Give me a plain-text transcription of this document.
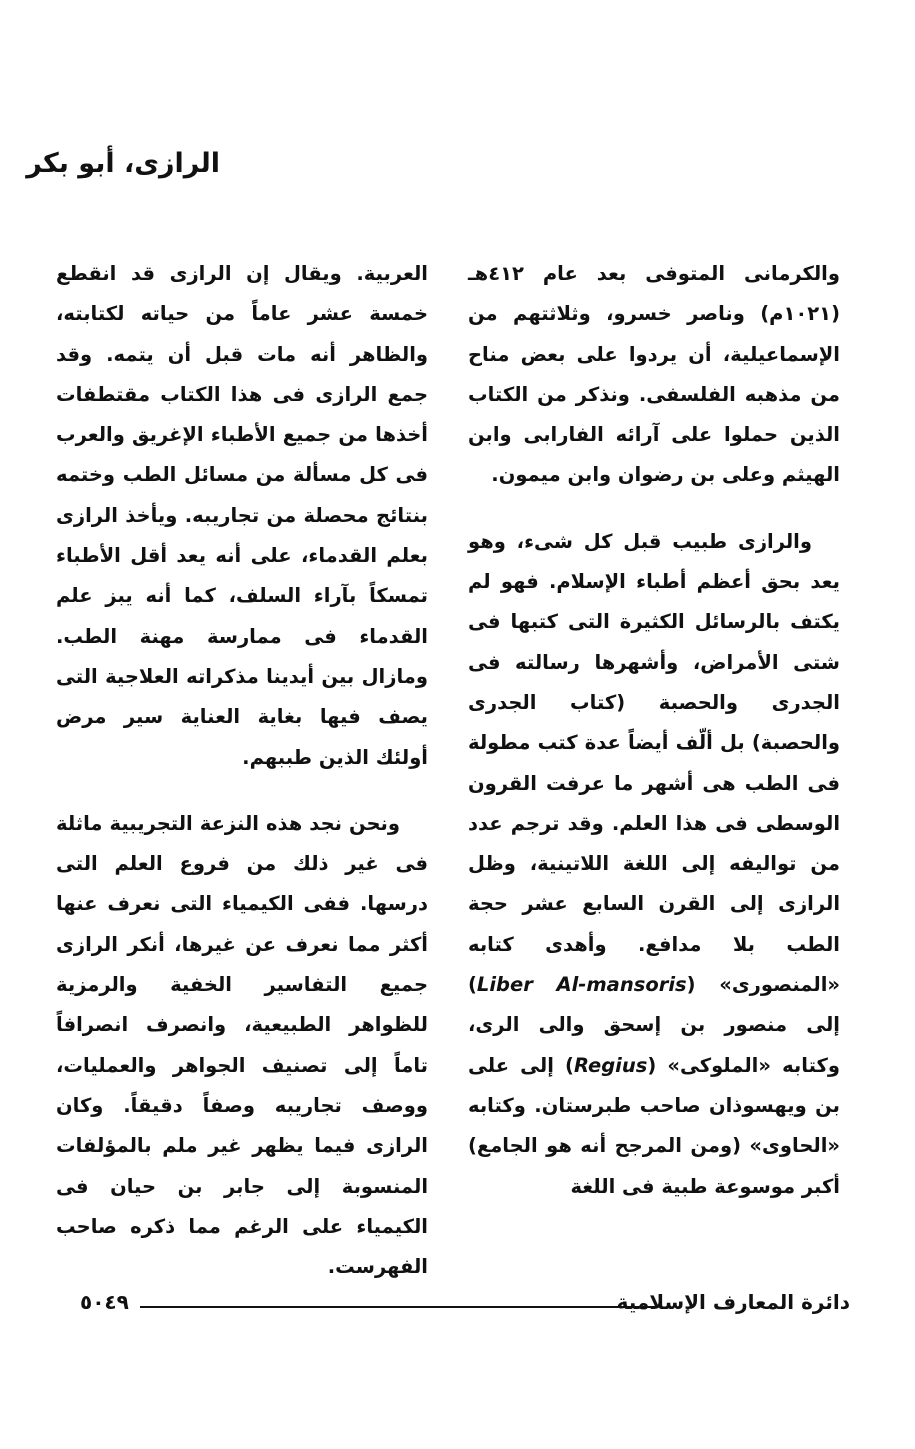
الرازى، أبو بكر

والكرمانى المتوفى بعد عام ٤١٢هـ (١٠٢١م) وناصر خسرو، وثلاثتهم من الإسماعيلية، أن يردوا على بعض مناح من مذهبه الفلسفى. ونذكر من الكتاب الذين حملوا على آرائه الفارابى وابن الهيثم وعلى بن رضوان وابن ميمون.

والرازى طبيب قبل كل شىء، وهو يعد بحق أعظم أطباء الإسلام. فهو لم يكتف بالرسائل الكثيرة التى كتبها فى شتى الأمراض، وأشهرها رسالته فى الجدرى والحصبة (كتاب الجدرى والحصبة) بل ألّف أيضاً عدة كتب مطولة فى الطب هى أشهر ما عرفت القرون الوسطى فى هذا العلم. وقد ترجم عدد من تواليفه إلى اللغة اللاتينية، وظل الرازى إلى القرن السابع عشر حجة الطب بلا مدافع. وأهدى كتابه «المنصورى» (Liber Al-mansoris) إلى منصور بن إسحق والى الرى، وكتابه «الملوكى» (Regius) إلى على بن ويهسوذان صاحب طبرستان. وكتابه «الحاوى» (ومن المرجح أنه هو الجامع) أكبر موسوعة طبية فى اللغة

العربية. ويقال إن الرازى قد انقطع خمسة عشر عاماً من حياته لكتابته، والظاهر أنه مات قبل أن يتمه. وقد جمع الرازى فى هذا الكتاب مقتطفات أخذها من جميع الأطباء الإغريق والعرب فى كل مسألة من مسائل الطب وختمه بنتائج محصلة من تجاريبه. ويأخذ الرازى بعلم القدماء، على أنه يعد أقل الأطباء تمسكاً بآراء السلف، كما أنه يبز علم القدماء فى ممارسة مهنة الطب. ومازال بين أيدينا مذكراته العلاجية التى يصف فيها بغاية العناية سير مرض أولئك الذين طببهم.

ونحن نجد هذه النزعة التجريبية ماثلة فى غير ذلك من فروع العلم التى درسها. ففى الكيمياء التى نعرف عنها أكثر مما نعرف عن غيرها، أنكر الرازى جميع التفاسير الخفية والرمزية للظواهر الطبيعية، وانصرف انصرافاً تاماً إلى تصنيف الجواهر والعمليات، ووصف تجاريبه وصفاً دقيقاً. وكان الرازى فيما يظهر غير ملم بالمؤلفات المنسوبة إلى جابر بن حيان فى الكيمياء على الرغم مما ذكره صاحب الفهرست.

دائرة المعارف الإسلامية
٥٠٤٩
